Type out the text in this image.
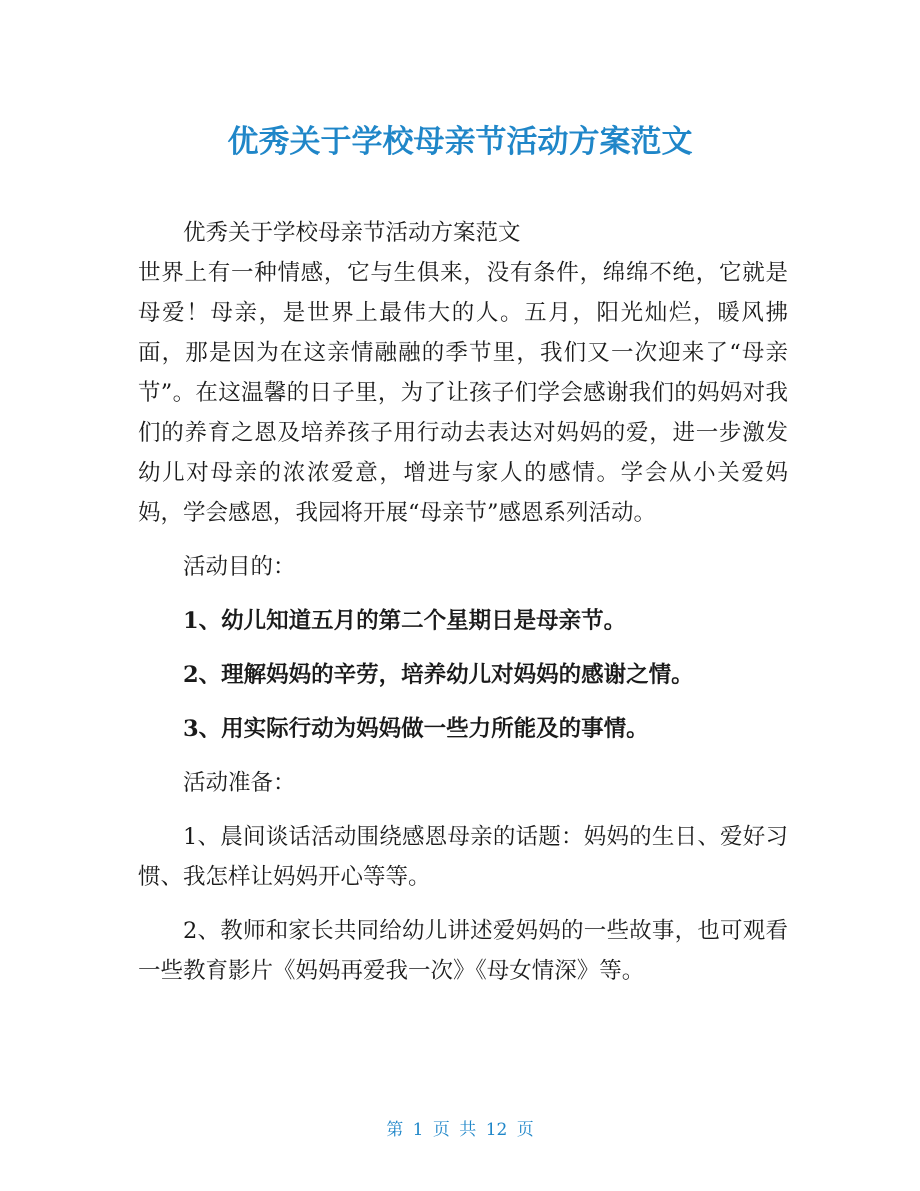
优秀关于学校母亲节活动方案范文

优秀关于学校母亲节活动方案范文

世界上有一种情感，它与生俱来，没有条件，绵绵不绝，它就是母爱！母亲，是世界上最伟大的人。五月，阳光灿烂，暖风拂面，那是因为在这亲情融融的季节里，我们又一次迎来了“母亲节”。在这温馨的日子里，为了让孩子们学会感谢我们的妈妈对我们的养育之恩及培养孩子用行动去表达对妈妈的爱，进一步激发幼儿对母亲的浓浓爱意，增进与家人的感情。学会从小关爱妈妈，学会感恩，我园将开展“母亲节”感恩系列活动。

活动目的：

1、幼儿知道五月的第二个星期日是母亲节。

2、理解妈妈的辛劳，培养幼儿对妈妈的感谢之情。

3、用实际行动为妈妈做一些力所能及的事情。

活动准备：

1、晨间谈话活动围绕感恩母亲的话题：妈妈的生日、爱好习惯、我怎样让妈妈开心等等。

2、教师和家长共同给幼儿讲述爱妈妈的一些故事，也可观看一些教育影片《妈妈再爱我一次》《母女情深》等。

第 1 页 共 12 页
